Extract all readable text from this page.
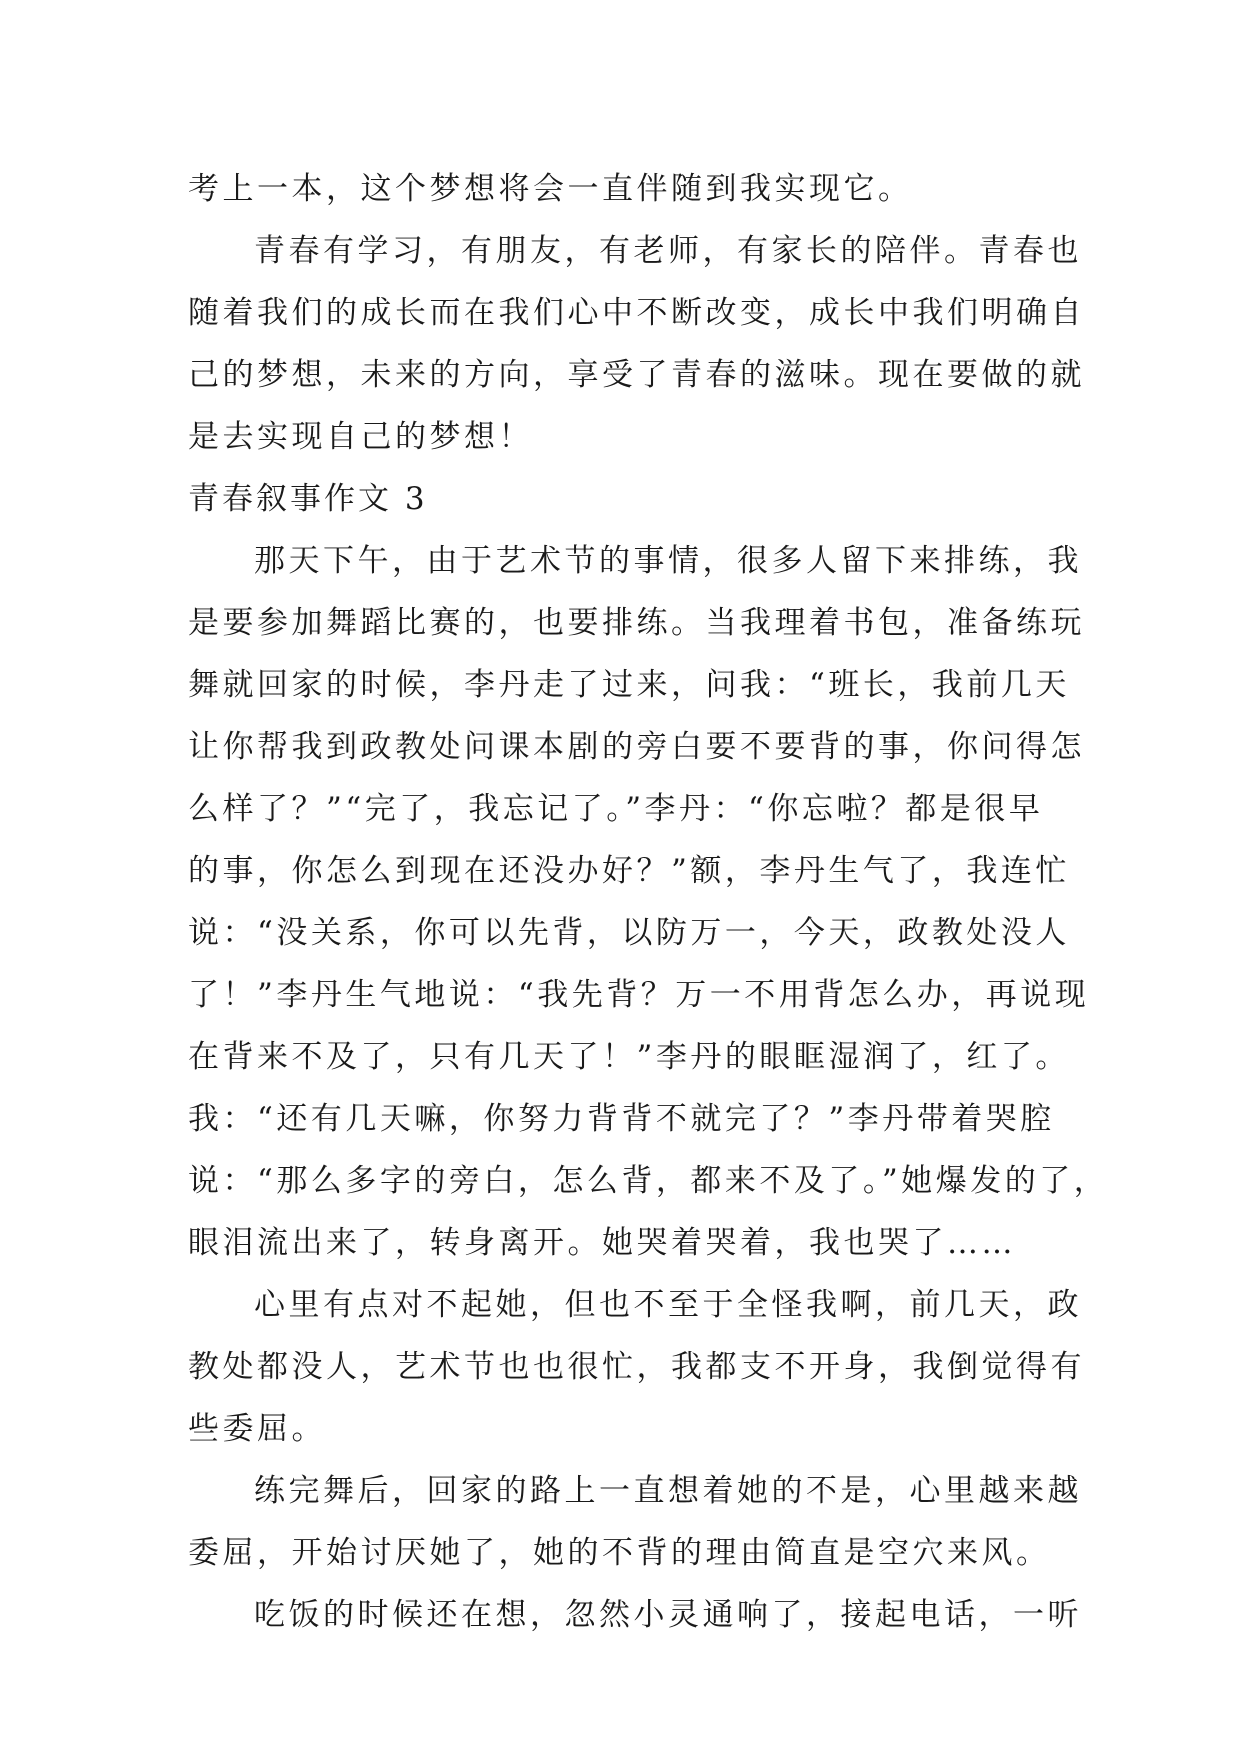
考上一本，这个梦想将会一直伴随到我实现它。
青春有学习，有朋友，有老师，有家长的陪伴。青春也
随着我们的成长而在我们心中不断改变，成长中我们明确自
己的梦想，未来的方向，享受了青春的滋味。现在要做的就
是去实现自己的梦想！
青春叙事作文 3
那天下午，由于艺术节的事情，很多人留下来排练，我
是要参加舞蹈比赛的，也要排练。当我理着书包，准备练玩
舞就回家的时候，李丹走了过来，问我：“班长，我前几天
让你帮我到政教处问课本剧的旁白要不要背的事，你问得怎
么样了？”“完了，我忘记了。”李丹：“你忘啦？都是很早
的事，你怎么到现在还没办好？”额，李丹生气了，我连忙
说：“没关系，你可以先背，以防万一，今天，政教处没人
了！”李丹生气地说：“我先背？万一不用背怎么办，再说现
在背来不及了，只有几天了！”李丹的眼眶湿润了，红了。
我：“还有几天嘛，你努力背背不就完了？”李丹带着哭腔
说：“那么多字的旁白，怎么背，都来不及了。”她爆发的了，
眼泪流出来了，转身离开。她哭着哭着，我也哭了……
心里有点对不起她，但也不至于全怪我啊，前几天，政
教处都没人，艺术节也也很忙，我都支不开身，我倒觉得有
些委屈。
练完舞后，回家的路上一直想着她的不是，心里越来越
委屈，开始讨厌她了，她的不背的理由简直是空穴来风。
吃饭的时候还在想，忽然小灵通响了，接起电话，一听
